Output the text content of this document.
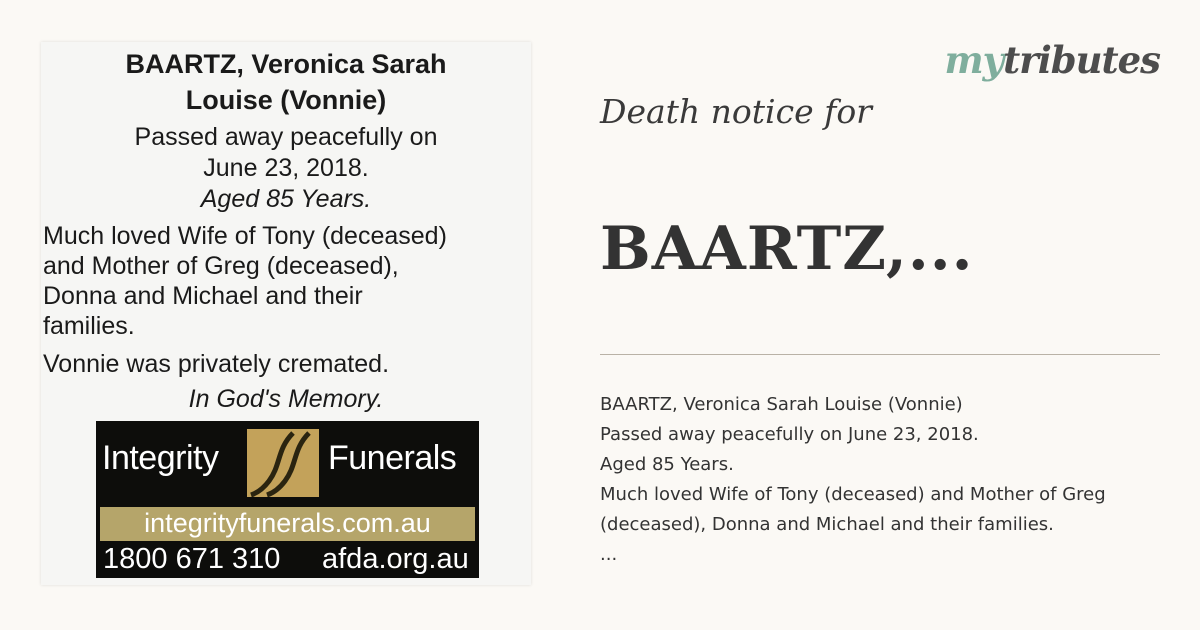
BAARTZ, Veronica Sarah
Louise (Vonnie)
Passed away peacefully on
June 23, 2018.
Aged 85 Years.
Much loved Wife of Tony (deceased)
and Mother of Greg (deceased),
Donna and Michael and their
families.
Vonnie was privately cremated.
In God's Memory.
Integrity	Funerals
integrityfunerals.com.au
1800 671 310 afda.org.au
mytributes
Death notice for
BAARTZ,...
BAARTZ, Veronica Sarah Louise (Vonnie)
Passed away peacefully on June 23, 2018.
Aged 85 Years.
Much loved Wife of Tony (deceased) and Mother of Greg
(deceased), Donna and Michael and their families.
...
